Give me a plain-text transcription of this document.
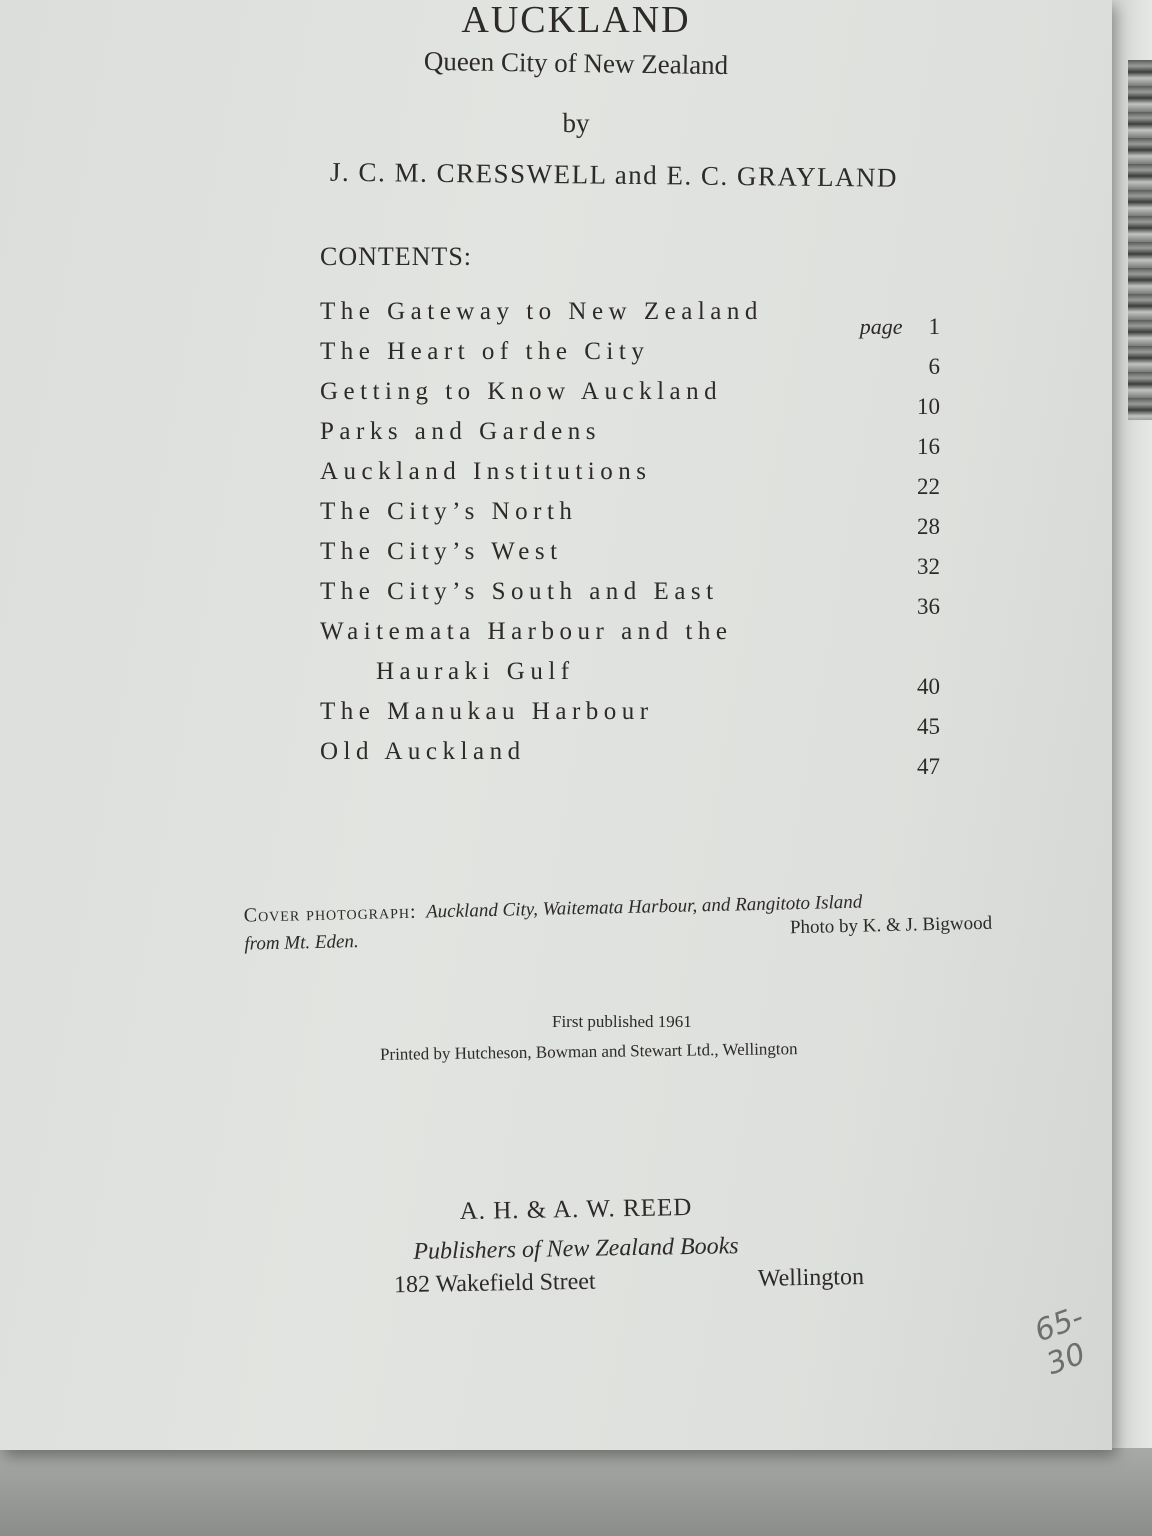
AUCKLAND
Queen City of New Zealand
by
J. C. M. CRESSWELL and E. C. GRAYLAND
CONTENTS:
The Gateway to New Zealand
page 1
The Heart of the City
6
Getting to Know Auckland
10
Parks and Gardens
16
Auckland Institutions
22
The City’s North
28
The City’s West
32
The City’s South and East
36
Waitemata Harbour and the
Hauraki Gulf
40
The Manukau Harbour
45
Old Auckland
47
Cover photograph: Auckland City, Waitemata Harbour, and Rangitoto Island
from Mt. Eden.
Photo by K. & J. Bigwood
First published 1961
Printed by Hutcheson, Bowman and Stewart Ltd., Wellington
A. H. & A. W. REED
Publishers of New Zealand Books
182 Wakefield Street	Wellington
65- 30
